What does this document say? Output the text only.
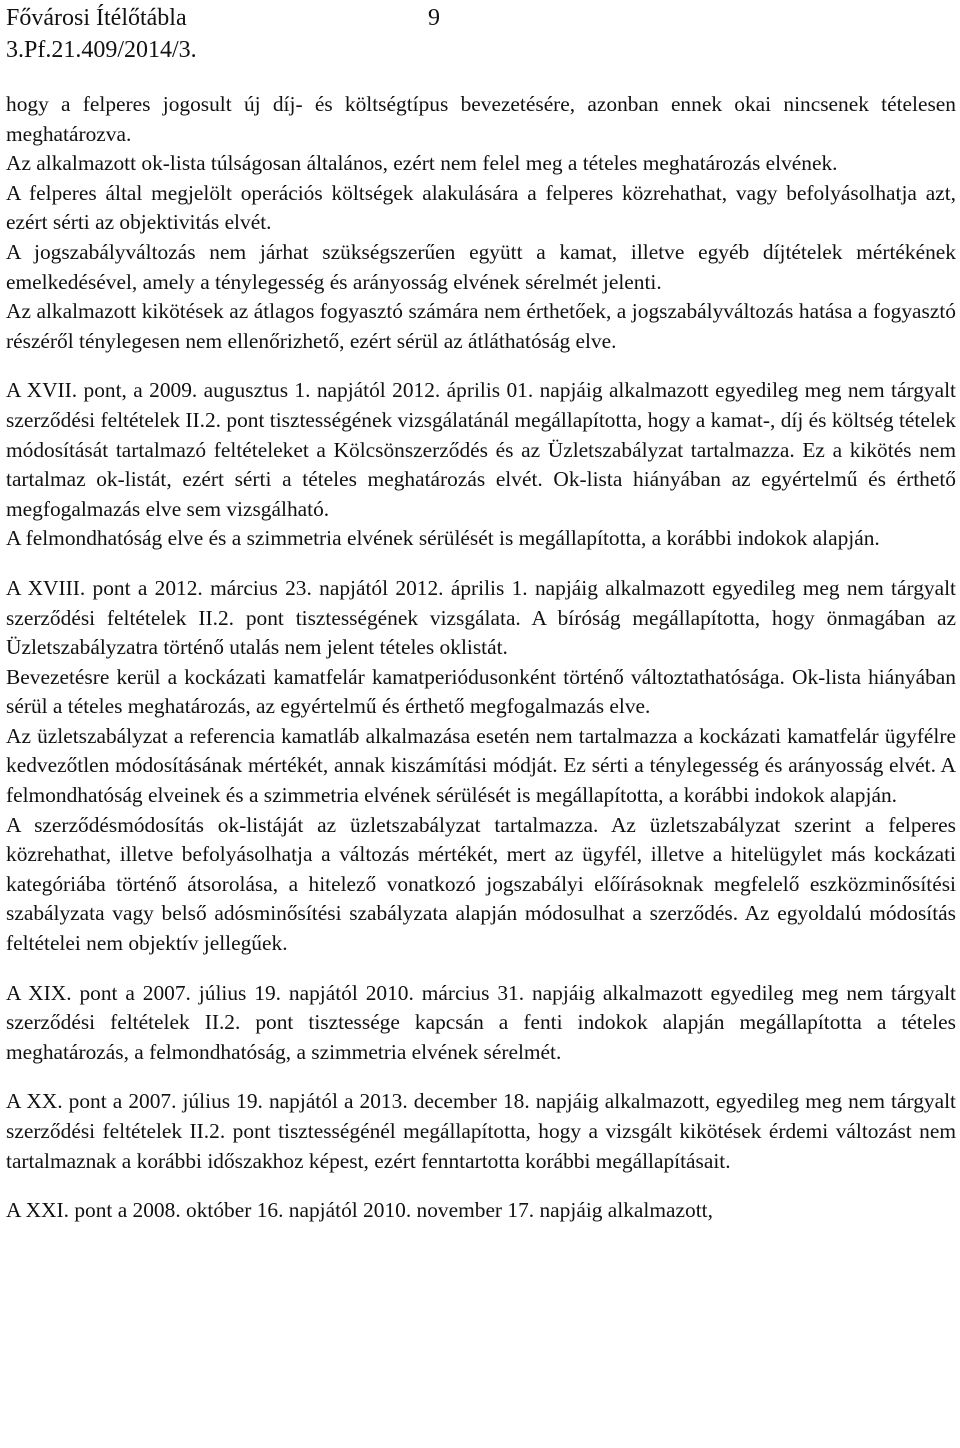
Fővárosi Ítélőtábla	9
3.Pf.21.409/2014/3.

hogy a felperes jogosult új díj- és költségtípus bevezetésére, azonban ennek okai nincsenek tételesen meghatározva.

Az alkalmazott ok-lista túlságosan általános, ezért nem felel meg a tételes meghatározás elvének.

A felperes által megjelölt operációs költségek alakulására a felperes közrehathat, vagy befolyásolhatja azt, ezért sérti az objektivitás elvét.

A jogszabályváltozás nem járhat szükségszerűen együtt a kamat, illetve egyéb díjtételek mértékének emelkedésével, amely a ténylegesség és arányosság elvének sérelmét jelenti.

Az alkalmazott kikötések az átlagos fogyasztó számára nem érthetőek, a jogszabályváltozás hatása a fogyasztó részéről ténylegesen nem ellenőrizhető, ezért sérül az átláthatóság elve.

A XVII. pont, a 2009. augusztus 1. napjától 2012. április 01. napjáig alkalmazott egyedileg meg nem tárgyalt szerződési feltételek II.2. pont tisztességének vizsgálatánál megállapította, hogy a kamat-, díj és költség tételek módosítását tartalmazó feltételeket a Kölcsönszerződés és az Üzletszabályzat tartalmazza. Ez a kikötés nem tartalmaz ok-listát, ezért sérti a tételes meghatározás elvét. Ok-lista hiányában az egyértelmű és érthető megfogalmazás elve sem vizsgálható.

A felmondhatóság elve és a szimmetria elvének sérülését is megállapította, a korábbi indokok alapján.

A XVIII. pont a 2012. március 23. napjától 2012. április 1. napjáig alkalmazott egyedileg meg nem tárgyalt szerződési feltételek II.2. pont tisztességének vizsgálata. A bíróság megállapította, hogy önmagában az Üzletszabályzatra történő utalás nem jelent tételes oklistát.

Bevezetésre kerül a kockázati kamatfelár kamatperiódusonként történő változtathatósága. Ok-lista hiányában sérül a tételes meghatározás, az egyértelmű és érthető megfogalmazás elve.

Az üzletszabályzat a referencia kamatláb alkalmazása esetén nem tartalmazza a kockázati kamatfelár ügyfélre kedvezőtlen módosításának mértékét, annak kiszámítási módját. Ez sérti a ténylegesség és arányosság elvét. A felmondhatóság elveinek és a szimmetria elvének sérülését is megállapította, a korábbi indokok alapján.

A szerződésmódosítás ok-listáját az üzletszabályzat tartalmazza. Az üzletszabályzat szerint a felperes közrehathat, illetve befolyásolhatja a változás mértékét, mert az ügyfél, illetve a hitelügylet más kockázati kategóriába történő átsorolása, a hitelező vonatkozó jogszabályi előírásoknak megfelelő eszközminősítési szabályzata vagy belső adósminősítési szabályzata alapján módosulhat a szerződés. Az egyoldalú módosítás feltételei nem objektív jellegűek.

A XIX. pont a 2007. július 19. napjától 2010. március 31. napjáig alkalmazott egyedileg meg nem tárgyalt szerződési feltételek II.2. pont tisztessége kapcsán a fenti indokok alapján megállapította a tételes meghatározás, a felmondhatóság, a szimmetria elvének sérelmét.

A XX. pont a 2007. július 19. napjától a 2013. december 18. napjáig alkalmazott, egyedileg meg nem tárgyalt szerződési feltételek II.2. pont tisztességénél megállapította, hogy a vizsgált kikötések érdemi változást nem tartalmaznak a korábbi időszakhoz képest, ezért fenntartotta korábbi megállapításait.

A XXI. pont a 2008. október 16. napjától 2010. november 17. napjáig alkalmazott,
